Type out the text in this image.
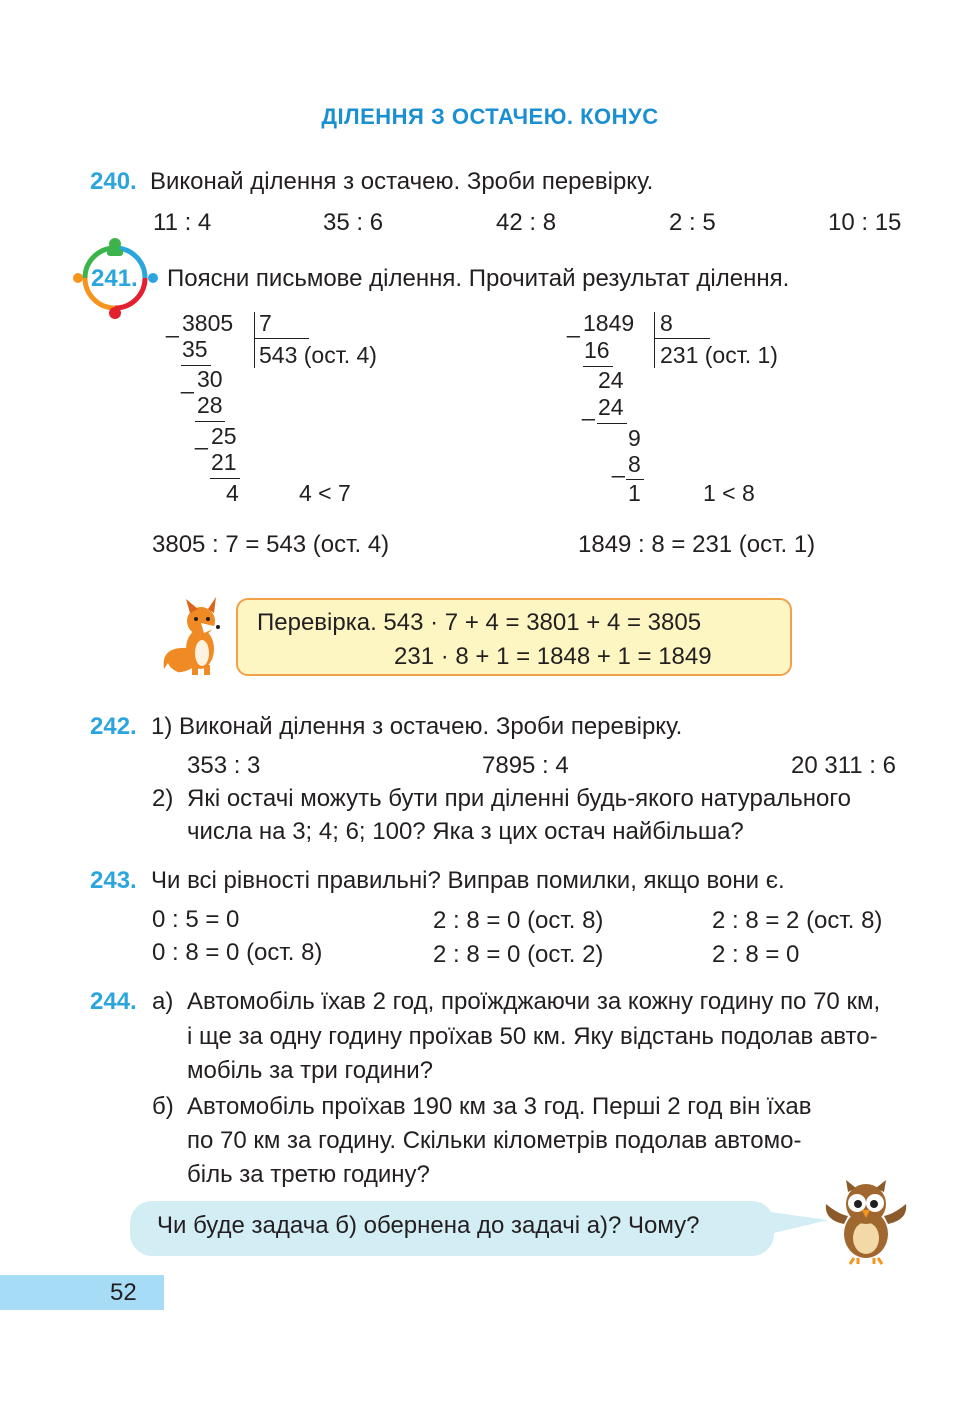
ДІЛЕННЯ З ОСТАЧЕЮ. КОНУС
240. Виконай ділення з остачею. Зроби перевірку.
11 : 4	35 : 6	42 : 8	2 : 5	10 : 15
241. Поясни письмове ділення. Прочитай результат ділення.
_ 3805 7
543 (ост. 4)
35
_ 30
28
_ 25
21
4	4 < 7
3805 : 7 = 543 (ост. 4)
_ 1849 8
231 (ост. 1)
16
24
_ 24
9
_ 8
1	1 < 8
1849 : 8 = 231 (ост. 1)
Перевірка. 543 · 7 + 4 = 3801 + 4 = 3805
231 · 8 + 1 = 1848 + 1 = 1849
242. 1) Виконай ділення з остачею. Зроби перевірку.
353 : 3	7895 : 4	20 311 : 6
2) Які остачі можуть бути при діленні будь-якого натурального
числа на 3; 4; 6; 100? Яка з цих остач найбільша?
243. Чи всі рівності правильні? Виправ помилки, якщо вони є.
0 : 5 = 0	2 : 8 = 0 (ост. 8)	2 : 8 = 2 (ост. 8)
0 : 8 = 0 (ост. 8)	2 : 8 = 0 (ост. 2)	2 : 8 = 0
244. а) Автомобіль їхав 2 год, проїжджаючи за кожну годину по 70 км,
і ще за одну годину проїхав 50 км. Яку відстань подолав авто-
мобіль за три години?
б) Автомобіль проїхав 190 км за 3 год. Перші 2 год він їхав
по 70 км за годину. Скільки кілометрів подолав автомо-
біль за третю годину?
Чи буде задача б) обернена до задачі а)? Чому?
52
